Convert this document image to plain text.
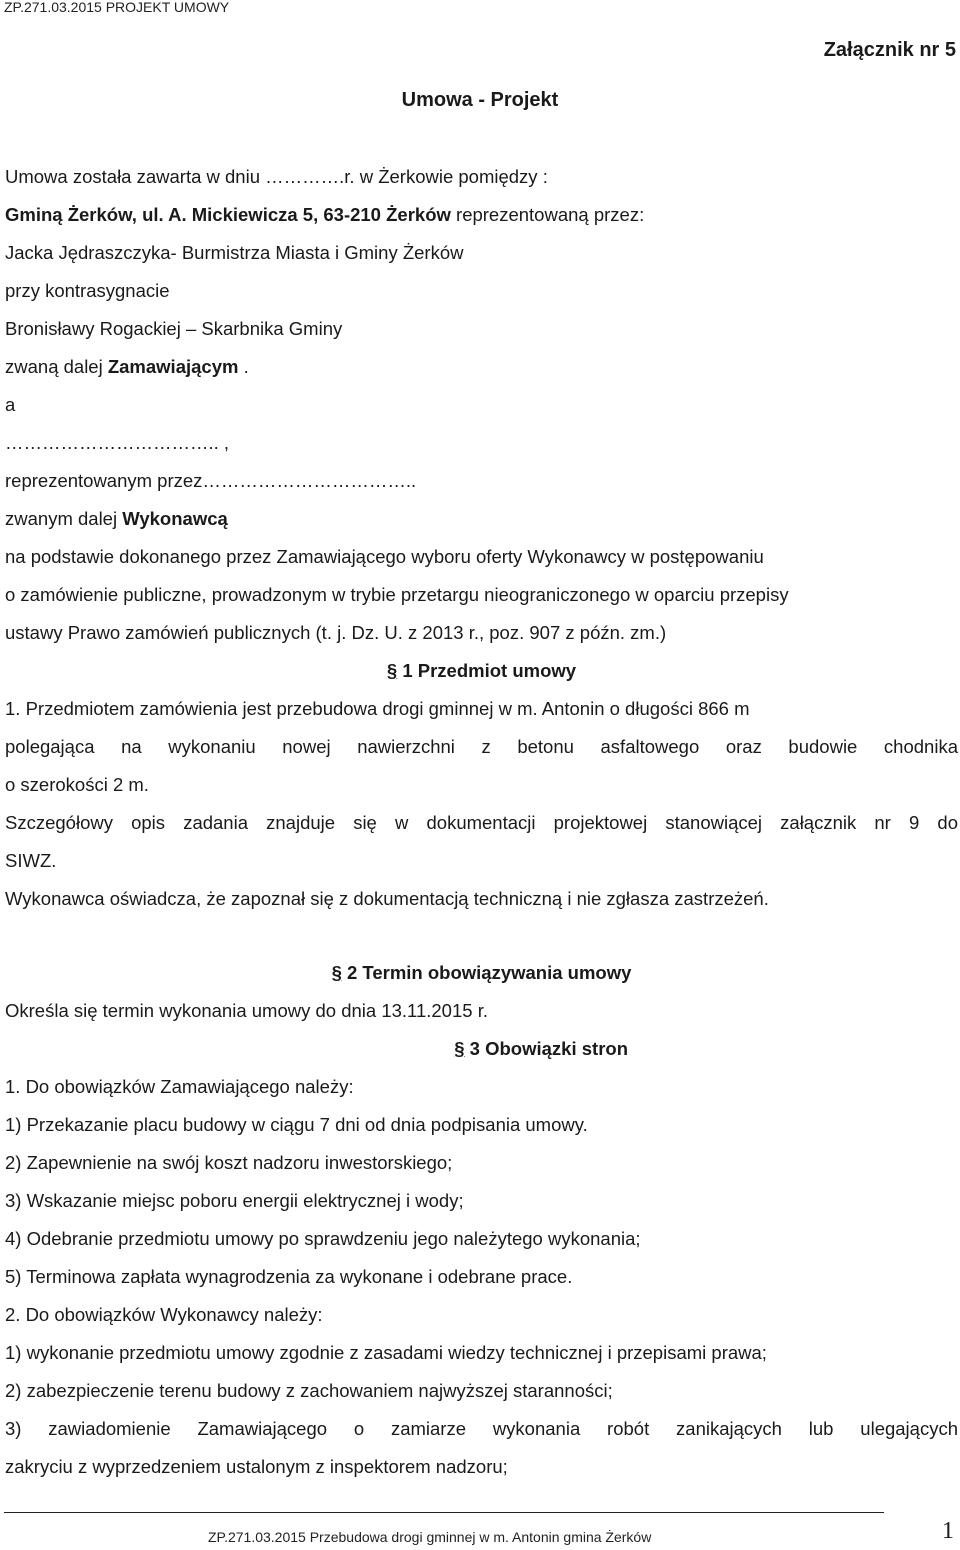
ZP.271.03.2015 PROJEKT UMOWY
Załącznik nr 5
Umowa - Projekt
Umowa została zawarta w dniu ………….r. w Żerkowie pomiędzy :
Gminą Żerków, ul. A. Mickiewicza 5, 63-210 Żerków reprezentowaną przez:
Jacka Jędraszczyka- Burmistrza Miasta i Gminy Żerków
przy kontrasygnacie
Bronisławy Rogackiej – Skarbnika Gminy
zwaną dalej Zamawiającym .
a
…………………………….. ,
reprezentowanym przez……………………………..
zwanym dalej Wykonawcą
na podstawie dokonanego przez Zamawiającego wyboru oferty Wykonawcy w postępowaniu
o zamówienie publiczne, prowadzonym w trybie przetargu nieograniczonego w oparciu przepisy
ustawy Prawo zamówień publicznych (t. j. Dz. U. z 2013 r., poz. 907 z późn. zm.)
§ 1 Przedmiot umowy
1. Przedmiotem zamówienia jest przebudowa drogi gminnej w m. Antonin o długości 866 m
polegająca na wykonaniu nowej nawierzchni z betonu asfaltowego oraz budowie chodnika
o szerokości 2 m.
Szczegółowy opis zadania znajduje się w dokumentacji projektowej stanowiącej załącznik nr 9 do
SIWZ.
Wykonawca oświadcza, że zapoznał się z dokumentacją techniczną i nie zgłasza zastrzeżeń.
§ 2 Termin obowiązywania umowy
Określa się termin wykonania umowy do dnia 13.11.2015 r.
§ 3 Obowiązki stron
1. Do obowiązków Zamawiającego należy:
1) Przekazanie placu budowy w ciągu 7 dni od dnia podpisania umowy.
2) Zapewnienie na swój koszt nadzoru inwestorskiego;
3) Wskazanie miejsc poboru energii elektrycznej i wody;
4) Odebranie przedmiotu umowy po sprawdzeniu jego należytego wykonania;
5) Terminowa zapłata wynagrodzenia za wykonane i odebrane prace.
2. Do obowiązków Wykonawcy należy:
1) wykonanie przedmiotu umowy zgodnie z zasadami wiedzy technicznej i przepisami prawa;
2) zabezpieczenie terenu budowy z zachowaniem najwyższej staranności;
3) zawiadomienie Zamawiającego o zamiarze wykonania robót zanikających lub ulegających
zakryciu z wyprzedzeniem ustalonym z inspektorem nadzoru;
ZP.271.03.2015 Przebudowa drogi gminnej w m. Antonin gmina Żerków	1
